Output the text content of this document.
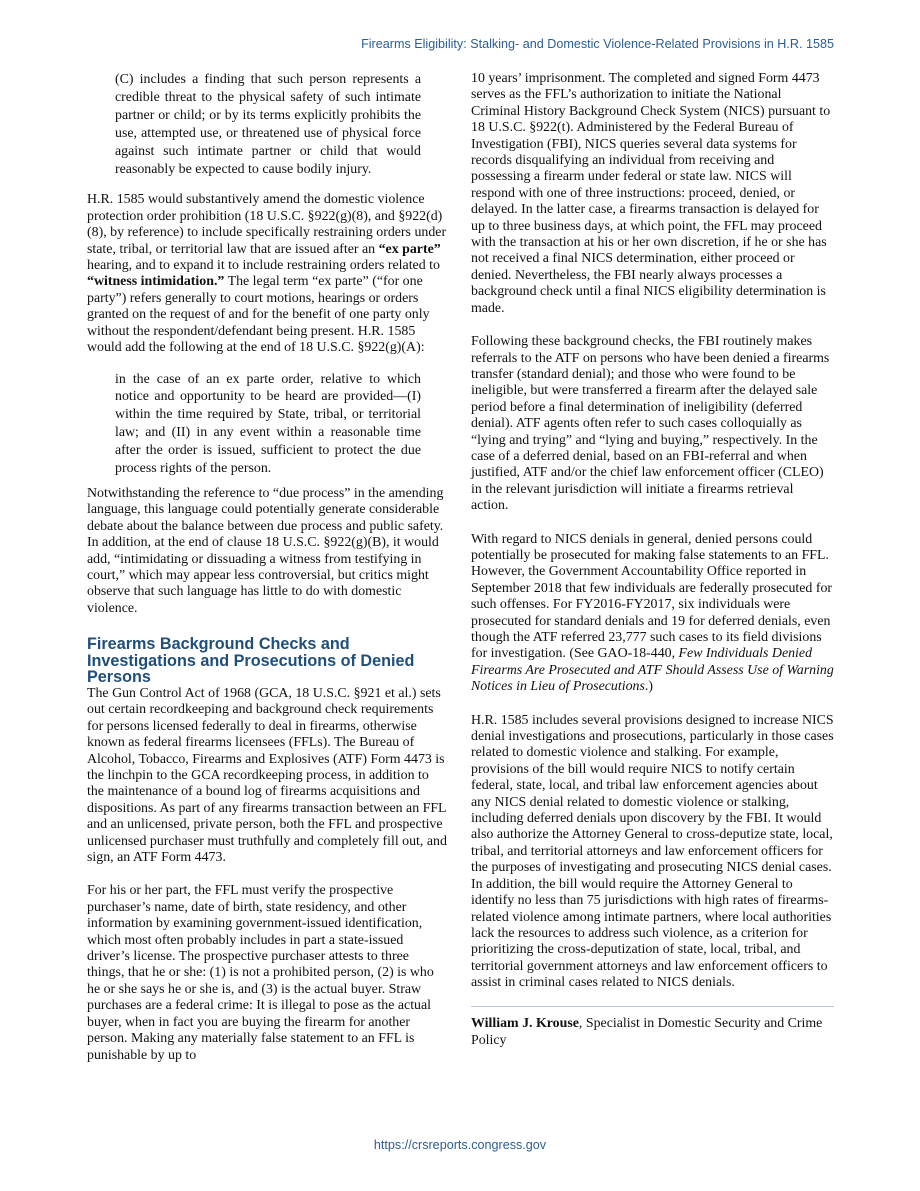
Firearms Eligibility: Stalking- and Domestic Violence-Related Provisions in H.R. 1585

(C) includes a finding that such person represents a credible threat to the physical safety of such intimate partner or child; or by its terms explicitly prohibits the use, attempted use, or threatened use of physical force against such intimate partner or child that would reasonably be expected to cause bodily injury.

H.R. 1585 would substantively amend the domestic violence protection order prohibition (18 U.S.C. §922(g)(8), and §922(d)(8), by reference) to include specifically restraining orders under state, tribal, or territorial law that are issued after an “ex parte” hearing, and to expand it to include restraining orders related to “witness intimidation.” The legal term “ex parte” (“for one party”) refers generally to court motions, hearings or orders granted on the request of and for the benefit of one party only without the respondent/defendant being present. H.R. 1585 would add the following at the end of 18 U.S.C. §922(g)(A):

in the case of an ex parte order, relative to which notice and opportunity to be heard are provided—(I) within the time required by State, tribal, or territorial law; and (II) in any event within a reasonable time after the order is issued, sufficient to protect the due process rights of the person.

Notwithstanding the reference to “due process” in the amending language, this language could potentially generate considerable debate about the balance between due process and public safety. In addition, at the end of clause 18 U.S.C. §922(g)(B), it would add, “intimidating or dissuading a witness from testifying in court,” which may appear less controversial, but critics might observe that such language has little to do with domestic violence.

Firearms Background Checks and Investigations and Prosecutions of Denied Persons

The Gun Control Act of 1968 (GCA, 18 U.S.C. §921 et al.) sets out certain recordkeeping and background check requirements for persons licensed federally to deal in firearms, otherwise known as federal firearms licensees (FFLs). The Bureau of Alcohol, Tobacco, Firearms and Explosives (ATF) Form 4473 is the linchpin to the GCA recordkeeping process, in addition to the maintenance of a bound log of firearms acquisitions and dispositions. As part of any firearms transaction between an FFL and an unlicensed, private person, both the FFL and prospective unlicensed purchaser must truthfully and completely fill out, and sign, an ATF Form 4473.

For his or her part, the FFL must verify the prospective purchaser’s name, date of birth, state residency, and other information by examining government-issued identification, which most often probably includes in part a state-issued driver’s license. The prospective purchaser attests to three things, that he or she: (1) is not a prohibited person, (2) is who he or she says he or she is, and (3) is the actual buyer. Straw purchases are a federal crime: It is illegal to pose as the actual buyer, when in fact you are buying the firearm for another person. Making any materially false statement to an FFL is punishable by up to

10 years’ imprisonment. The completed and signed Form 4473 serves as the FFL’s authorization to initiate the National Criminal History Background Check System (NICS) pursuant to 18 U.S.C. §922(t). Administered by the Federal Bureau of Investigation (FBI), NICS queries several data systems for records disqualifying an individual from receiving and possessing a firearm under federal or state law. NICS will respond with one of three instructions: proceed, denied, or delayed. In the latter case, a firearms transaction is delayed for up to three business days, at which point, the FFL may proceed with the transaction at his or her own discretion, if he or she has not received a final NICS determination, either proceed or denied. Nevertheless, the FBI nearly always processes a background check until a final NICS eligibility determination is made.

Following these background checks, the FBI routinely makes referrals to the ATF on persons who have been denied a firearms transfer (standard denial); and those who were found to be ineligible, but were transferred a firearm after the delayed sale period before a final determination of ineligibility (deferred denial). ATF agents often refer to such cases colloquially as “lying and trying” and “lying and buying,” respectively. In the case of a deferred denial, based on an FBI-referral and when justified, ATF and/or the chief law enforcement officer (CLEO) in the relevant jurisdiction will initiate a firearms retrieval action.

With regard to NICS denials in general, denied persons could potentially be prosecuted for making false statements to an FFL. However, the Government Accountability Office reported in September 2018 that few individuals are federally prosecuted for such offenses. For FY2016-FY2017, six individuals were prosecuted for standard denials and 19 for deferred denials, even though the ATF referred 23,777 such cases to its field divisions for investigation. (See GAO-18-440, Few Individuals Denied Firearms Are Prosecuted and ATF Should Assess Use of Warning Notices in Lieu of Prosecutions.)

H.R. 1585 includes several provisions designed to increase NICS denial investigations and prosecutions, particularly in those cases related to domestic violence and stalking. For example, provisions of the bill would require NICS to notify certain federal, state, local, and tribal law enforcement agencies about any NICS denial related to domestic violence or stalking, including deferred denials upon discovery by the FBI. It would also authorize the Attorney General to cross-deputize state, local, tribal, and territorial attorneys and law enforcement officers for the purposes of investigating and prosecuting NICS denial cases. In addition, the bill would require the Attorney General to identify no less than 75 jurisdictions with high rates of firearms-related violence among intimate partners, where local authorities lack the resources to address such violence, as a criterion for prioritizing the cross-deputization of state, local, tribal, and territorial government attorneys and law enforcement officers to assist in criminal cases related to NICS denials.

William J. Krouse, Specialist in Domestic Security and Crime Policy

https://crsreports.congress.gov
